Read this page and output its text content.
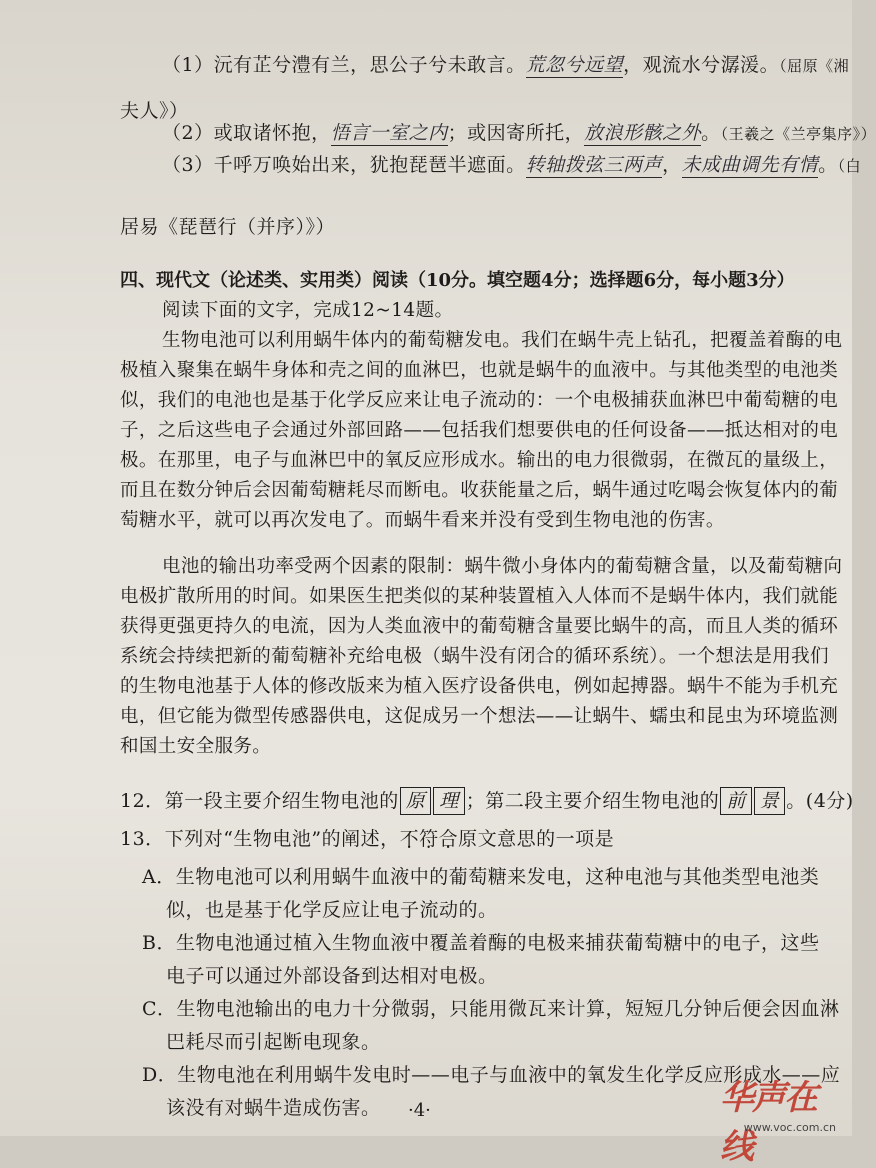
（1）沅有芷兮澧有兰，思公子兮未敢言。荒忽兮远望，观流水兮潺湲。（屈原《湘
夫人》）
（2）或取诸怀抱，悟言一室之内；或因寄所托，放浪形骸之外。（王羲之《兰亭集序》）
（3）千呼万唤始出来，犹抱琵琶半遮面。转轴拨弦三两声，未成曲调先有情。（白
居易《琵琶行（并序）》）
四、现代文（论述类、实用类）阅读（10分。填空题4分；选择题6分，每小题3分）
阅读下面的文字，完成12~14题。
生物电池可以利用蜗牛体内的葡萄糖发电。我们在蜗牛壳上钻孔，把覆盖着酶的电
极植入聚集在蜗牛身体和壳之间的血淋巴，也就是蜗牛的血液中。与其他类型的电池类
似，我们的电池也是基于化学反应来让电子流动的：一个电极捕获血淋巴中葡萄糖的电
子，之后这些电子会通过外部回路——包括我们想要供电的任何设备——抵达相对的电
极。在那里，电子与血淋巴中的氧反应形成水。输出的电力很微弱，在微瓦的量级上，
而且在数分钟后会因葡萄糖耗尽而断电。收获能量之后，蜗牛通过吃喝会恢复体内的葡
萄糖水平，就可以再次发电了。而蜗牛看来并没有受到生物电池的伤害。
电池的输出功率受两个因素的限制：蜗牛微小身体内的葡萄糖含量，以及葡萄糖向
电极扩散所用的时间。如果医生把类似的某种装置植入人体而不是蜗牛体内，我们就能
获得更强更持久的电流，因为人类血液中的葡萄糖含量要比蜗牛的高，而且人类的循环
系统会持续把新的葡萄糖补充给电极（蜗牛没有闭合的循环系统）。一个想法是用我们
的生物电池基于人体的修改版来为植入医疗设备供电，例如起搏器。蜗牛不能为手机充
电，但它能为微型传感器供电，这促成另一个想法——让蜗牛、蠕虫和昆虫为环境监测
和国土安全服务。
12．第一段主要介绍生物电池的 原 理 ；第二段主要介绍生物电池的 前 景 。(4分)
13．下列对“生物电池”的阐述，不符合原文意思的一项是
A．生物电池可以利用蜗牛血液中的葡萄糖来发电，这种电池与其他类型电池类
似，也是基于化学反应让电子流动的。
B．生物电池通过植入生物血液中覆盖着酶的电极来捕获葡萄糖中的电子，这些
电子可以通过外部设备到达相对电极。
C．生物电池输出的电力十分微弱，只能用微瓦来计算，短短几分钟后便会因血淋
巴耗尽而引起断电现象。
D．生物电池在利用蜗牛发电时——电子与血液中的氧发生化学反应形成水——应
该没有对蜗牛造成伤害。 ·4·	华声在线
www.voc.com.cn
